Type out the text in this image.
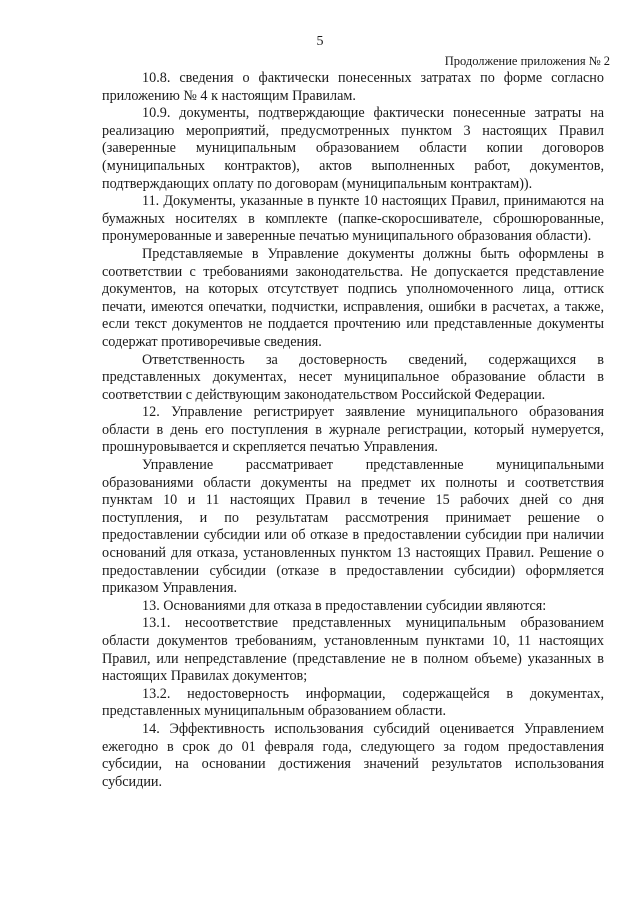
5
Продолжение приложения № 2

10.8. сведения о фактически понесенных затратах по форме согласно приложению № 4 к настоящим Правилам.

10.9. документы, подтверждающие фактически понесенные затраты на реализацию мероприятий, предусмотренных пунктом 3 настоящих Правил (заверенные муниципальным образованием области копии договоров (муниципальных контрактов), актов выполненных работ, документов, подтверждающих оплату по договорам (муниципальным контрактам)).

11. Документы, указанные в пункте 10 настоящих Правил, принимаются на бумажных носителях в комплекте (папке-скоросшивателе, сброшюрованные, пронумерованные и заверенные печатью муниципального образования области).

Представляемые в Управление документы должны быть оформлены в соответствии с требованиями законодательства. Не допускается представление документов, на которых отсутствует подпись уполномоченного лица, оттиск печати, имеются опечатки, подчистки, исправления, ошибки в расчетах, а также, если текст документов не поддается прочтению или представленные документы содержат противоречивые сведения.

Ответственность за достоверность сведений, содержащихся в представленных документах, несет муниципальное образование области в соответствии с действующим законодательством Российской Федерации.

12. Управление регистрирует заявление муниципального образования области в день его поступления в журнале регистрации, который нумеруется, прошнуровывается и скрепляется печатью Управления.

Управление рассматривает представленные муниципальными образованиями области документы на предмет их полноты и соответствия пунктам 10 и 11 настоящих Правил в течение 15 рабочих дней со дня поступления, и по результатам рассмотрения принимает решение о предоставлении субсидии или об отказе в предоставлении субсидии при наличии оснований для отказа, установленных пунктом 13 настоящих Правил. Решение о предоставлении субсидии (отказе в предоставлении субсидии) оформляется приказом Управления.

13. Основаниями для отказа в предоставлении субсидии являются:

13.1. несоответствие представленных муниципальным образованием области документов требованиям, установленным пунктами 10, 11 настоящих Правил, или непредставление (представление не в полном объеме) указанных в настоящих Правилах документов;

13.2. недостоверность информации, содержащейся в документах, представленных муниципальным образованием области.

14. Эффективность использования субсидий оценивается Управлением ежегодно в срок до 01 февраля года, следующего за годом предоставления субсидии, на основании достижения значений результатов использования субсидии.
